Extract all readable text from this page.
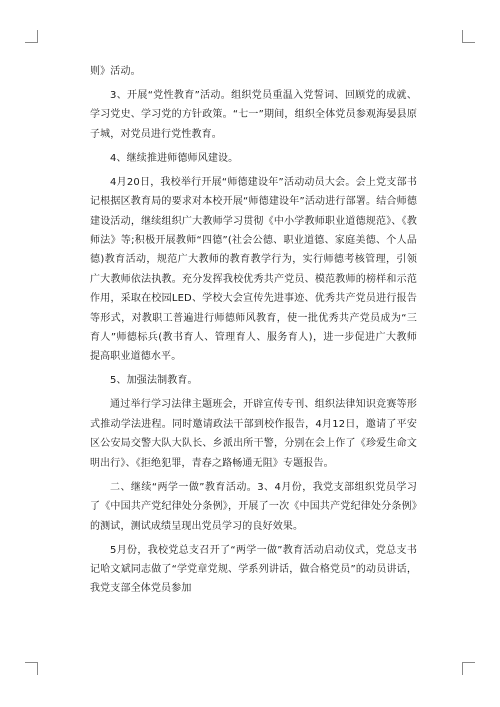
则》活动。

3、开展“党性教育”活动。组织党员重温入党誓词、回顾党的成就、学习党史、学习党的方针政策。“七一”期间，组织全体党员参观海晏县原子城，对党员进行党性教育。

4、继续推进师德师风建设。

4月20日，我校举行开展“师德建设年”活动动员大会。会上党支部书记根据区教育局的要求对本校开展“师德建设年”活动进行部署。结合师德建设活动，继续组织广大教师学习贯彻《中小学教师职业道德规范》、《教师法》等;积极开展教师“四德”(社会公德、职业道德、家庭美德、个人品德)教育活动，规范广大教师的教育教学行为，实行师德考核管理，引领广大教师依法执教。充分发挥我校优秀共产党员、模范教师的榜样和示范作用，采取在校园LED、学校大会宣传先进事迹、优秀共产党员进行报告等形式，对教职工普遍进行师德师风教育，使一批优秀共产党员成为“三育人”师德标兵(教书育人、管理育人、服务育人)，进一步促进广大教师提高职业道德水平。

5、加强法制教育。

通过举行学习法律主题班会，开辟宣传专刊、组织法律知识竞赛等形式推动学法进程。同时邀请政法干部到校作报告，4月12日，邀请了平安区公安局交警大队大队长、乡派出所干警，分别在会上作了《珍爱生命文明出行》、《拒绝犯罪，青春之路畅通无阻》专题报告。

二、继续“两学一做”教育活动。3、4月份，我党支部组织党员学习了《中国共产党纪律处分条例》，开展了一次《中国共产党纪律处分条例》的测试，测试成绩呈现出党员学习的良好效果。

5月份，我校党总支召开了“两学一做”教育活动启动仪式，党总支书记哈文斌同志做了“学党章党规、学系列讲话，做合格党员”的动员讲话，我党支部全体党员参加
